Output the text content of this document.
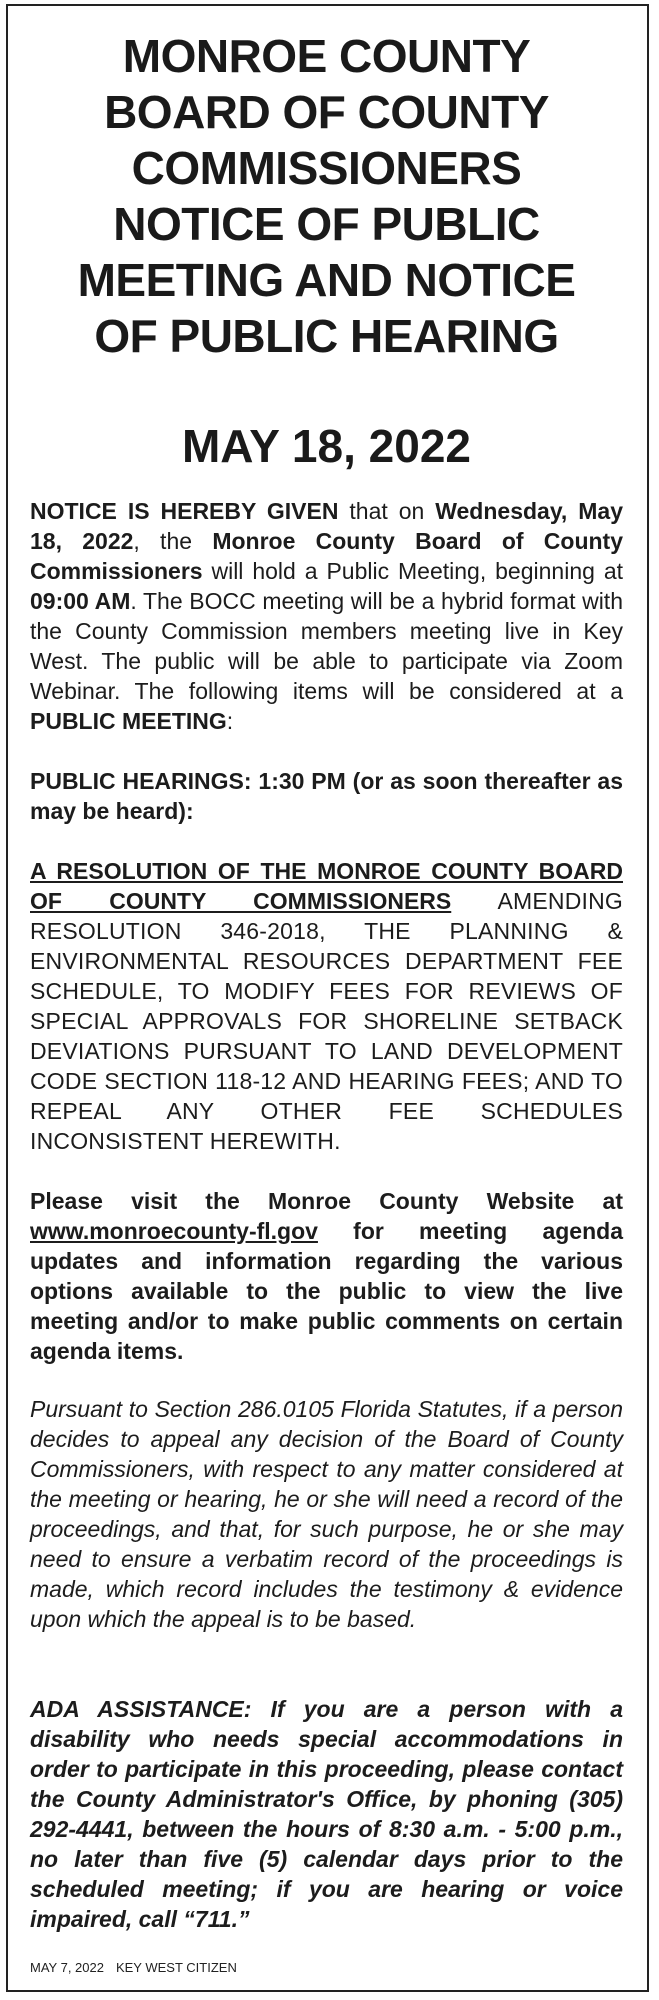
MONROE COUNTY
BOARD OF COUNTY
COMMISSIONERS
NOTICE OF PUBLIC
MEETING AND NOTICE
OF PUBLIC HEARING
MAY 18, 2022
NOTICE IS HEREBY GIVEN that on Wednesday, May 18, 2022, the Monroe County Board of County Commissioners will hold a Public Meeting, beginning at 09:00 AM. The BOCC meeting will be a hybrid format with the County Commission members meeting live in Key West. The public will be able to participate via Zoom Webinar. The following items will be considered at a PUBLIC MEETING:
PUBLIC HEARINGS: 1:30 PM (or as soon thereafter as may be heard):
A RESOLUTION OF THE MONROE COUNTY BOARD OF COUNTY COMMISSIONERS AMENDING RESOLUTION 346-2018, THE PLANNING & ENVIRONMENTAL RESOURCES DEPARTMENT FEE SCHEDULE, TO MODIFY FEES FOR REVIEWS OF SPECIAL APPROVALS FOR SHORELINE SETBACK DEVIATIONS PURSUANT TO LAND DEVELOPMENT CODE SECTION 118-12 AND HEARING FEES; AND TO REPEAL ANY OTHER FEE SCHEDULES INCONSISTENT HEREWITH.
Please visit the Monroe County Website at www.monroecounty-fl.gov for meeting agenda updates and information regarding the various options available to the public to view the live meeting and/or to make public comments on certain agenda items.
Pursuant to Section 286.0105 Florida Statutes, if a person decides to appeal any decision of the Board of County Commissioners, with respect to any matter considered at the meeting or hearing, he or she will need a record of the proceedings, and that, for such purpose, he or she may need to ensure a verbatim record of the proceedings is made, which record includes the testimony & evidence upon which the appeal is to be based.
ADA ASSISTANCE: If you are a person with a disability who needs special accommodations in order to participate in this proceeding, please contact the County Administrator's Office, by phoning (305) 292-4441, between the hours of 8:30 a.m. - 5:00 p.m., no later than five (5) calendar days prior to the scheduled meeting; if you are hearing or voice impaired, call “711.”
MAY 7, 2022 KEY WEST CITIZEN
